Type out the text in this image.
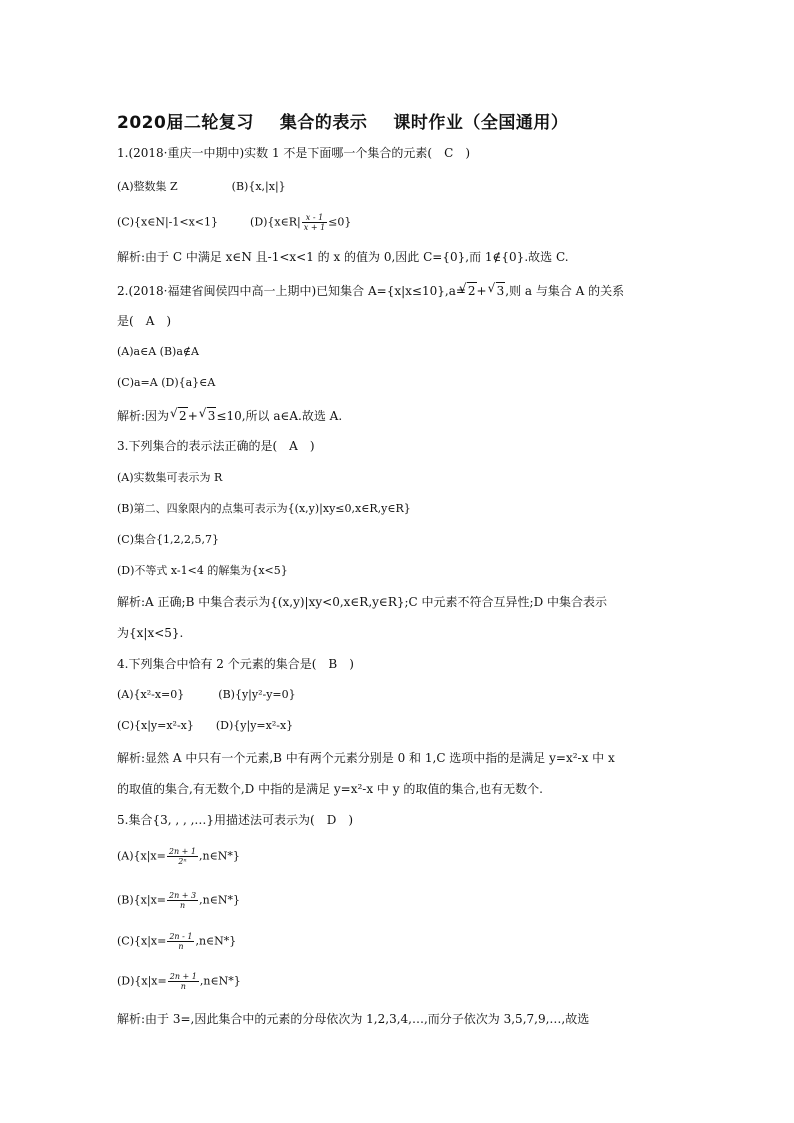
2020届二轮复习 集合的表示 课时作业（全国通用）
1.(2018·重庆一中期中)实数 1 不是下面哪一个集合的元素( C )
(A)整数集 Z	(B){x,|x|}
(C){x∈N|-1<x<1}	(D){x∈R| $\frac{x - 1}{x + 1} \le 0$}
解析:由于 C 中满足 x∈N 且-1<x<1 的 x 的值为 0,因此 C={0},而 1∉{0}.故选 C.
2.(2018·福建省闽侯四中高一上期中)已知集合 A={x|x≤10},a= √ 2+ √ 3,则 a 与集合 A 的关系
是( A )
(A)a∈A (B)a∉A
(C)a=A (D){a}∈A
解析:因为 √ 2+ √ 3≤10,所以 a∈A.故选 A.
3.下列集合的表示法正确的是( A )
(A)实数集可表示为 R
(B)第二、四象限内的点集可表示为{(x,y)|xy≤0,x∈R,y∈R}
(C)集合{1,2,2,5,7}
(D)不等式 x-1<4 的解集为{x<5}
解析:A 正确;B 中集合表示为{(x,y)|xy<0,x∈R,y∈R};C 中元素不符合互异性;D 中集合表示
为{x|x<5}.
4.下列集合中恰有 2 个元素的集合是( B )
(A){x²-x=0}	(B){y|y²-y=0}
(C){x|y=x²-x} (D){y|y=x²-x}
解析:显然 A 中只有一个元素,B 中有两个元素分别是 0 和 1,C 选项中指的是满足 y=x²-x 中 x
的取值的集合,有无数个,D 中指的是满足 y=x²-x 中 y 的取值的集合,也有无数个.
5.集合{3, , , ,…}用描述法可表示为( D )
$(A)\{x|x= \frac{2n + 1}{\text{2ⁿ}}$ ,n∈N*}
$(B)\{x|x= \frac{2n + 3}{n}$ ,n∈N*}
$(C)\{x|x= \frac{2n - 1}{n}$ ,n∈N*}
$(D)\{x|x= \frac{2n + 1}{n}$ ,n∈N*}
解析:由于 3=,因此集合中的元素的分母依次为 1,2,3,4,…,而分子依次为 3,5,7,9,…,故选
